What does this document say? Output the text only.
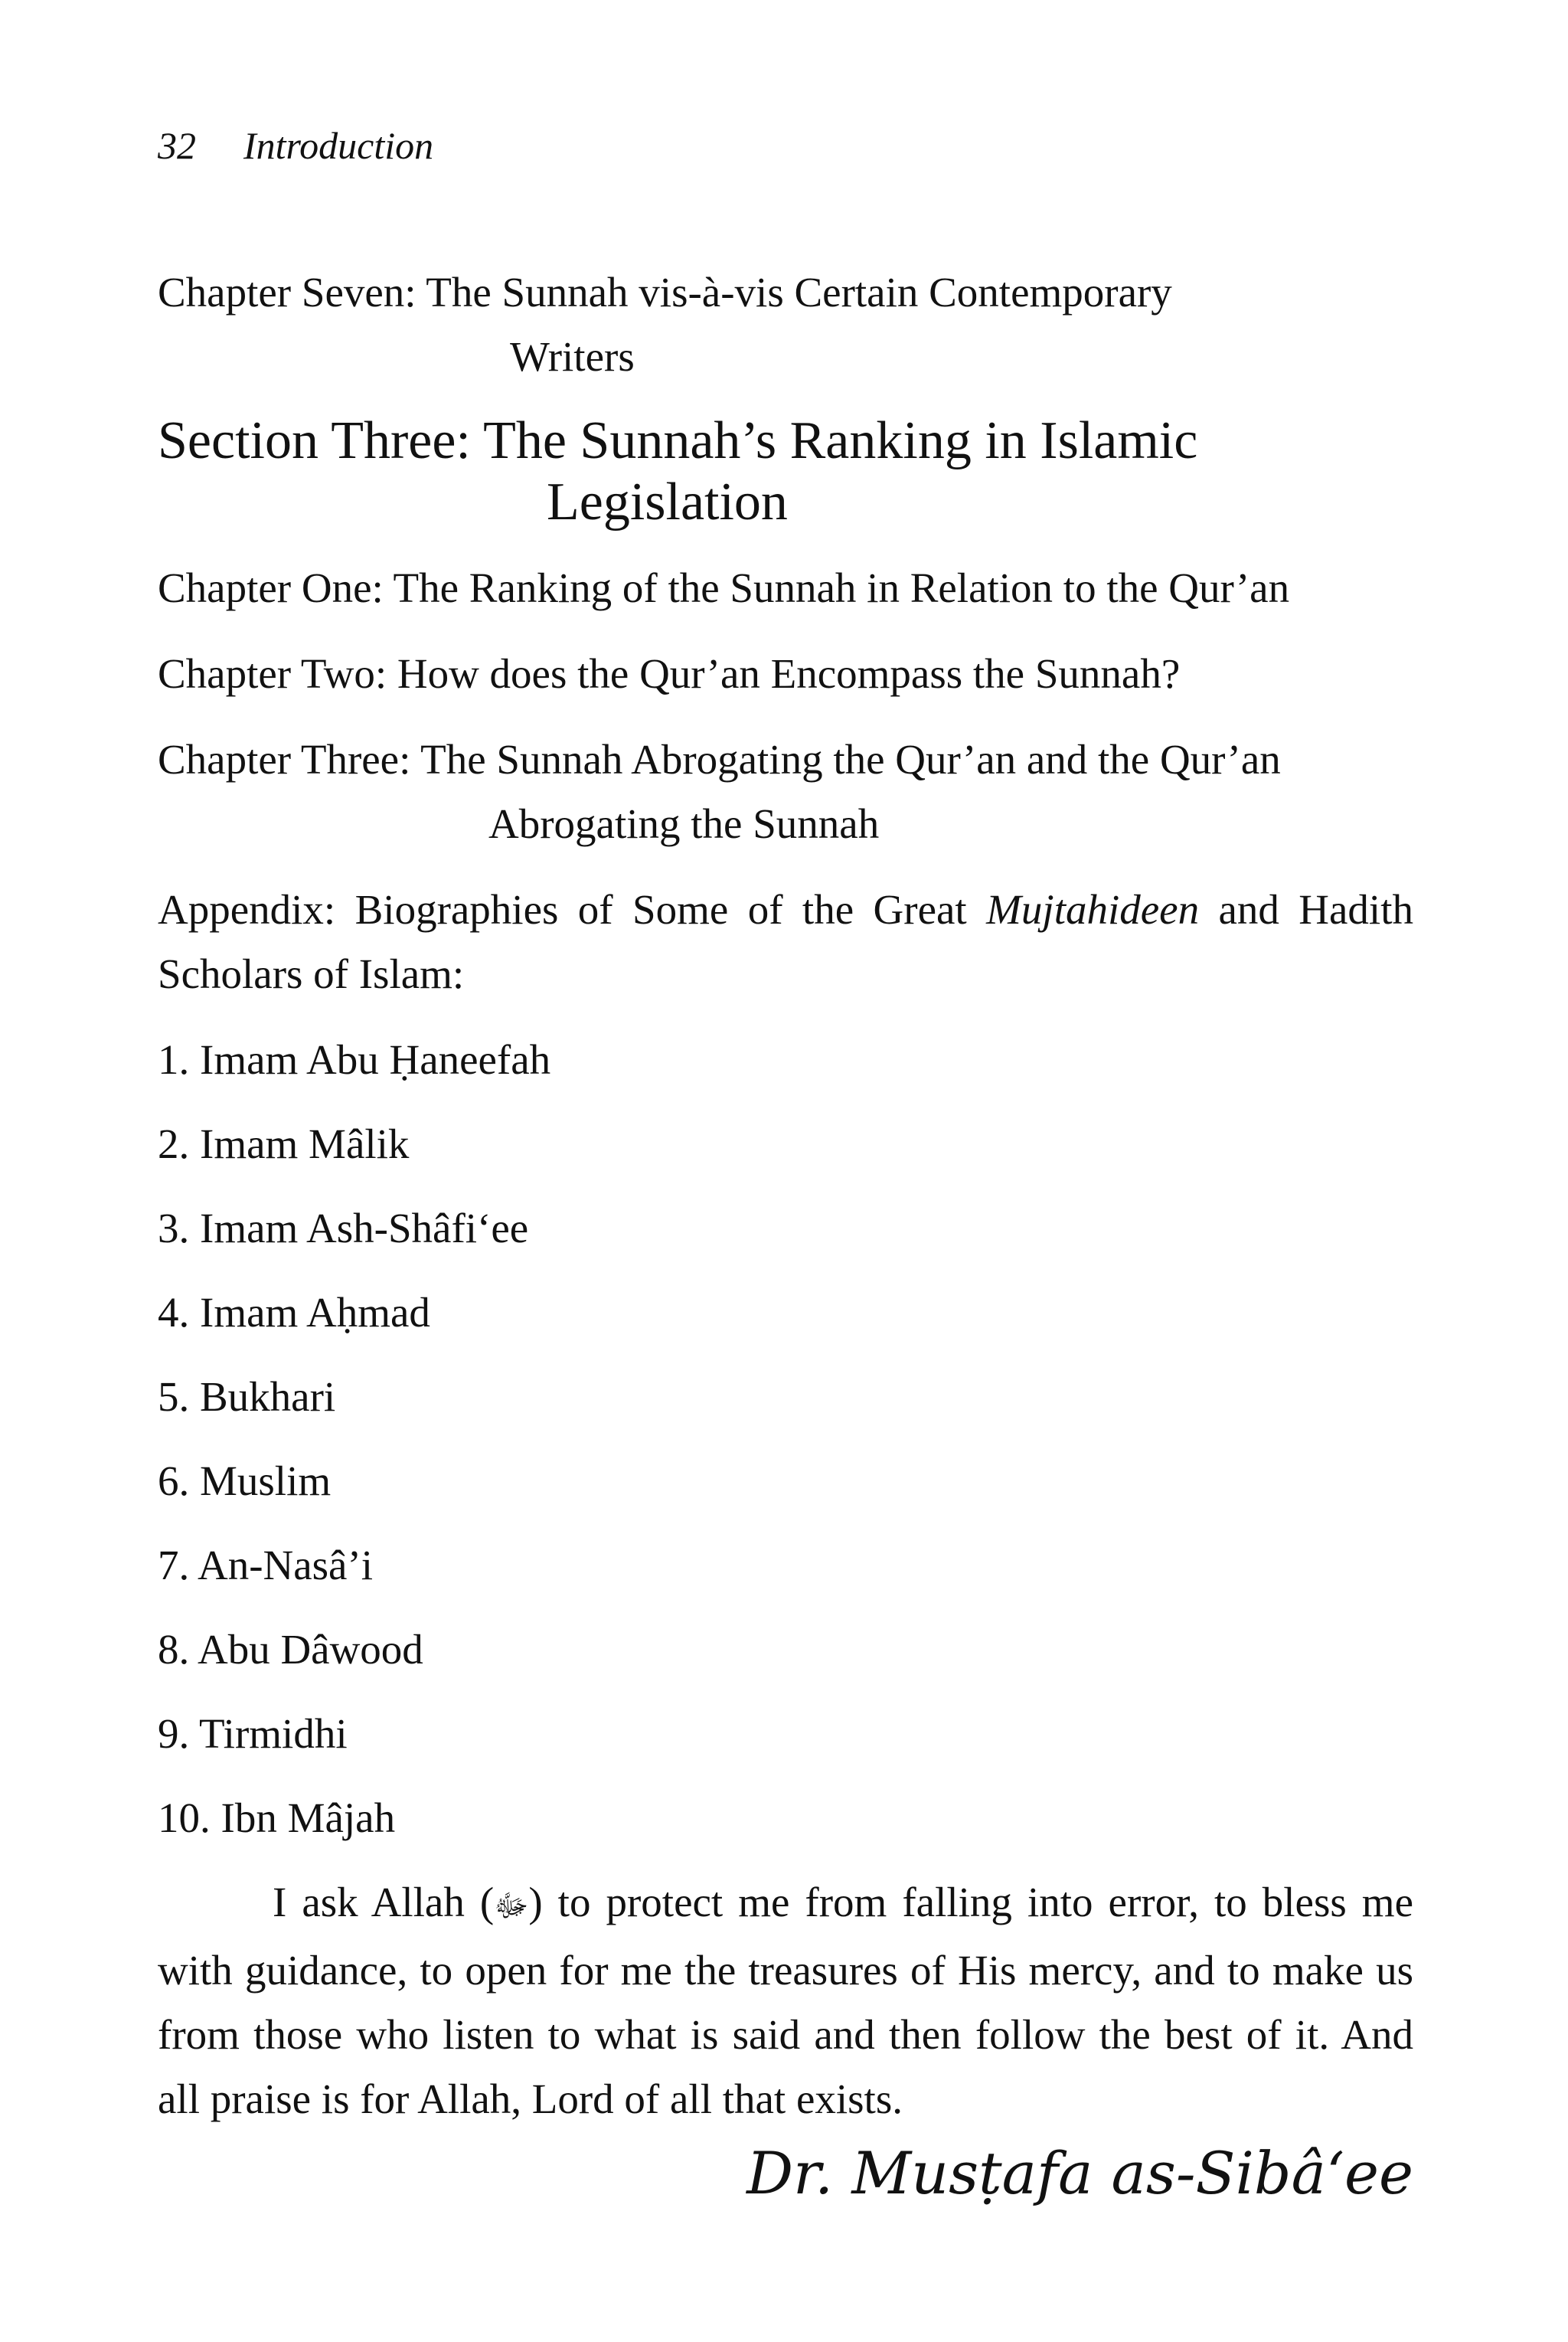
32 Introduction

Chapter Seven: The Sunnah vis-à-vis Certain Contemporary
Writers

Section Three: The Sunnah’s Ranking in Islamic
Legislation

Chapter One: The Ranking of the Sunnah in Relation to the Qur’an

Chapter Two: How does the Qur’an Encompass the Sunnah?

Chapter Three: The Sunnah Abrogating the Qur’an and the Qur’an
Abrogating the Sunnah

Appendix: Biographies of Some of the Great Mujtahideen and Hadith Scholars of Islam:

1. Imam Abu Ḥaneefah
2. Imam Mâlik
3. Imam Ash-Shâfi‘ee
4. Imam Aḥmad
5. Bukhari
6. Muslim
7. An-Nasâ’i
8. Abu Dâwood
9. Tirmidhi
10. Ibn Mâjah

I ask Allah (ﷻ) to protect me from falling into error, to bless me with guidance, to open for me the treasures of His mercy, and to make us from those who listen to what is said and then follow the best of it. And all praise is for Allah, Lord of all that exists.

Dr. Musṭafa as-Sibâ‘ee
